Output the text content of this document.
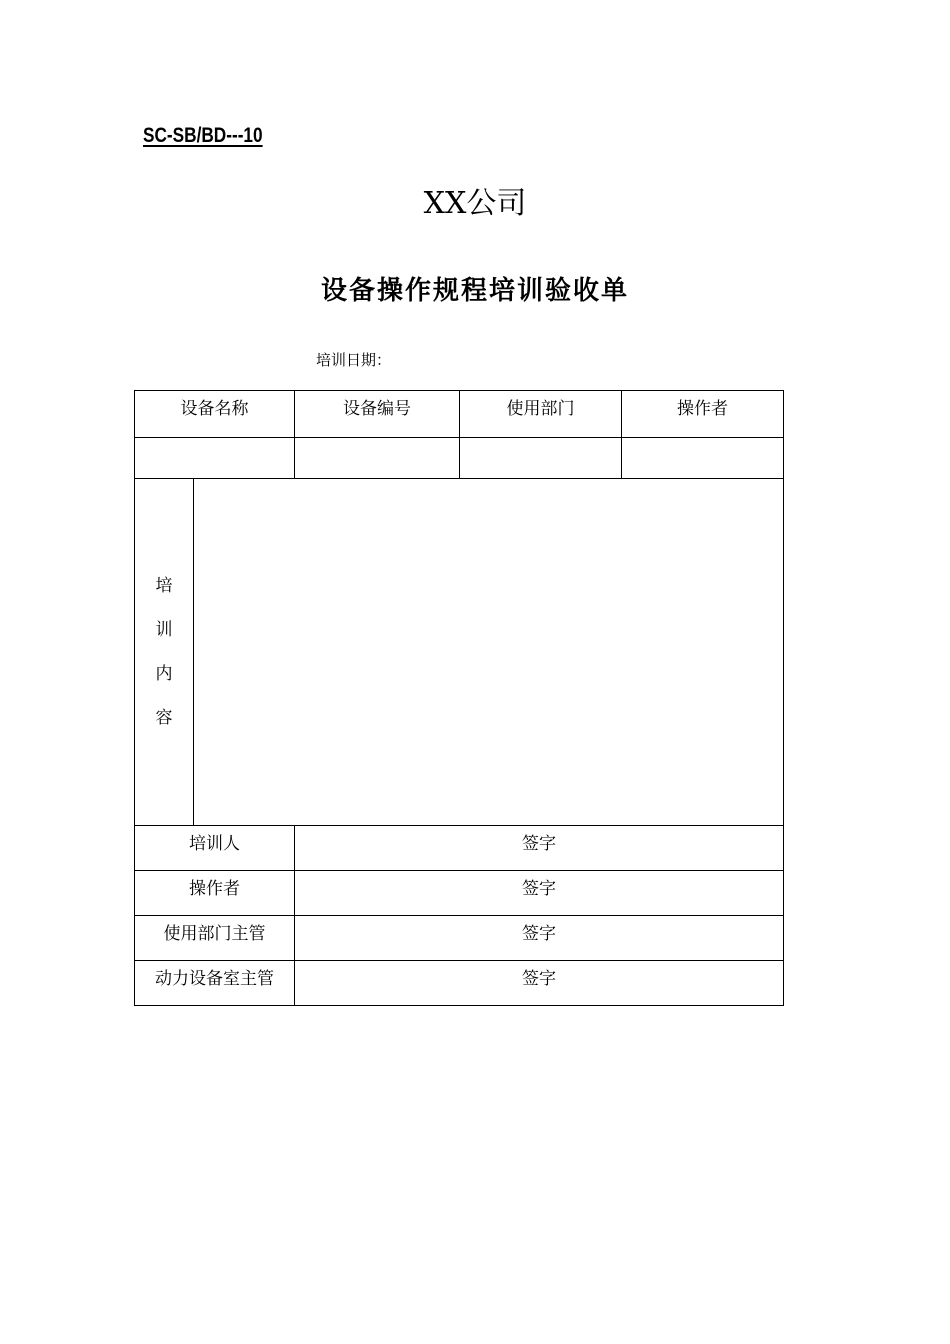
SC-SB/BD---10
XX公司
设备操作规程培训验收单
培训日期：
设备名称		设备编号	使用部门	操作者

培
训
内
容				

培训人		签字		

操作者		签字		

使用部门主管		签字		

动力设备室主管		签字		
